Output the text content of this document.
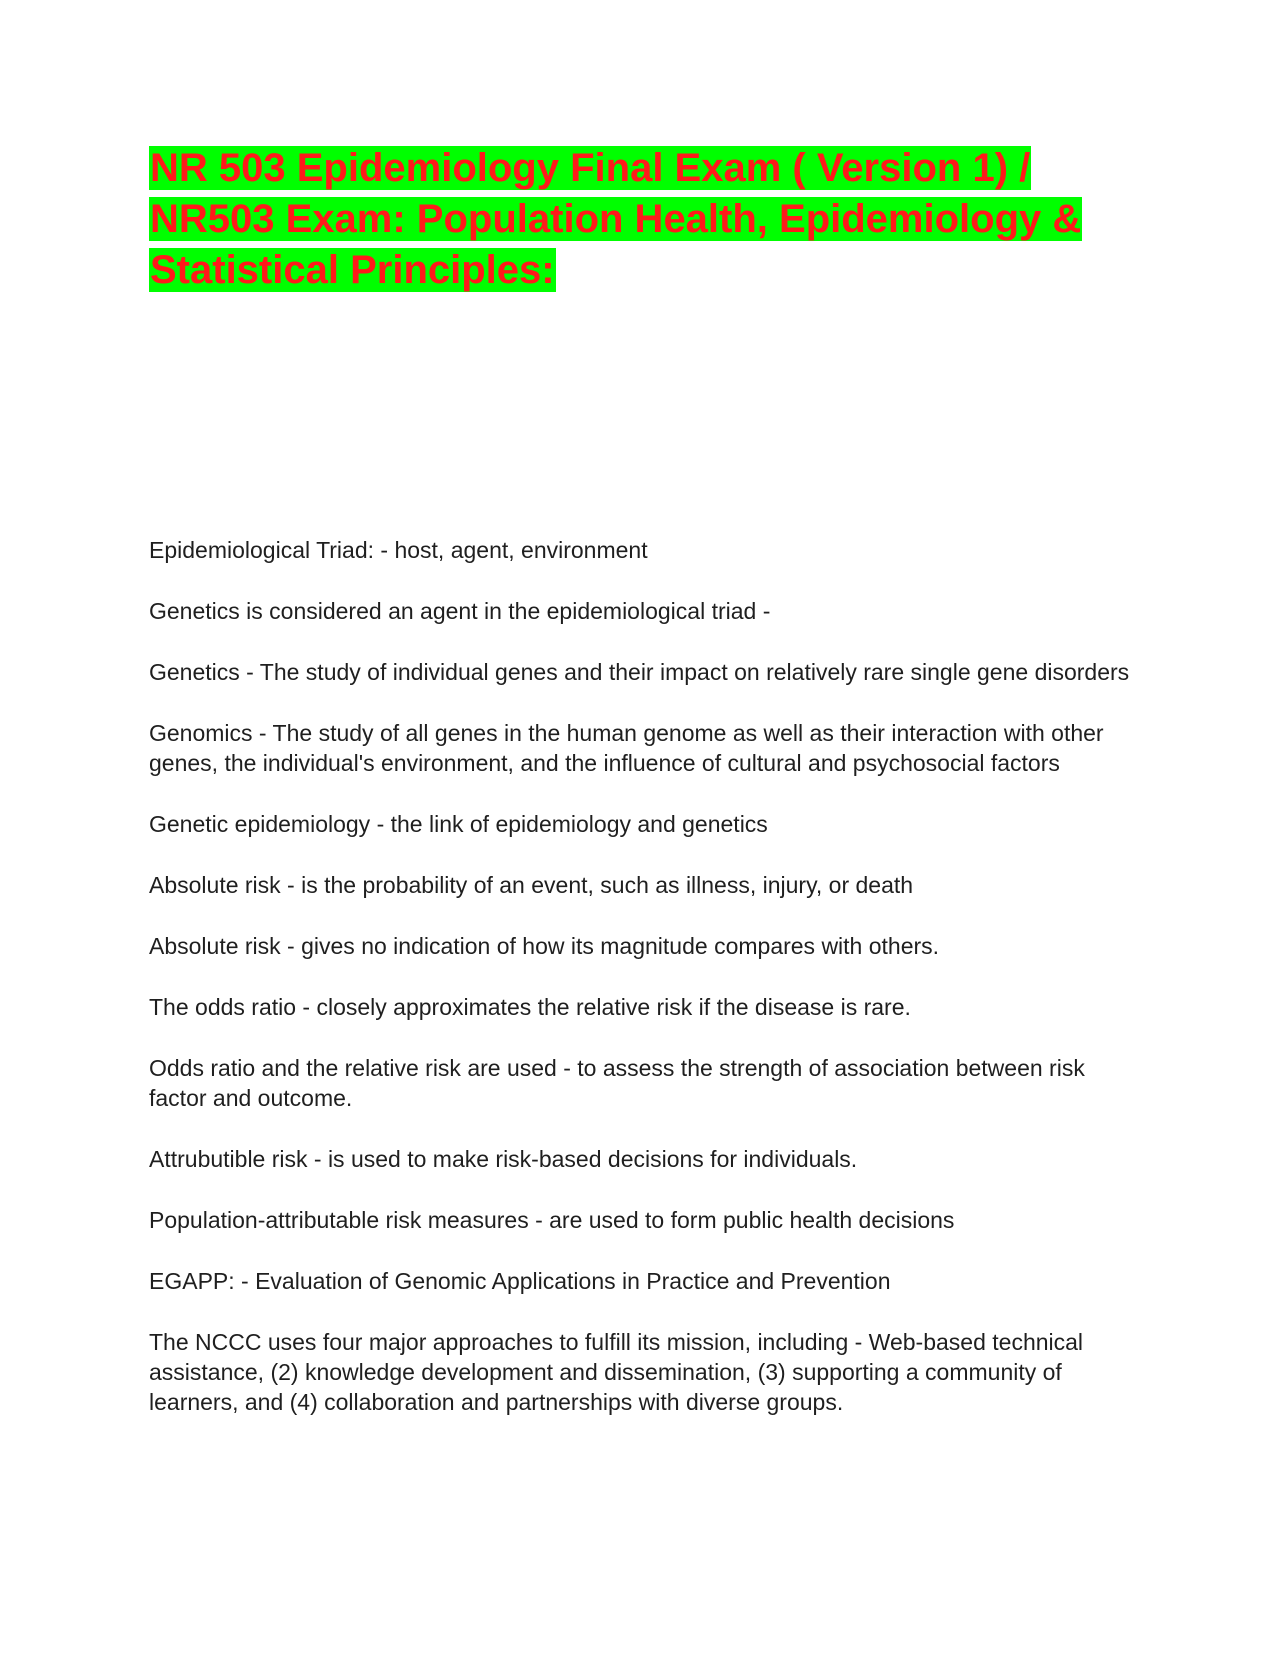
NR 503 Epidemiology Final Exam ( Version 1) / NR503 Exam: Population Health, Epidemiology & Statistical Principles:

Epidemiological Triad: - host, agent, environment

Genetics is considered an agent in the epidemiological triad -

Genetics - The study of individual genes and their impact on relatively rare single gene disorders

Genomics - The study of all genes in the human genome as well as their interaction with other genes, the individual's environment, and the influence of cultural and psychosocial factors

Genetic epidemiology - the link of epidemiology and genetics

Absolute risk - is the probability of an event, such as illness, injury, or death

Absolute risk - gives no indication of how its magnitude compares with others.

The odds ratio - closely approximates the relative risk if the disease is rare.

Odds ratio and the relative risk are used - to assess the strength of association between risk factor and outcome.

Attrubutible risk - is used to make risk-based decisions for individuals.

Population-attributable risk measures - are used to form public health decisions

EGAPP: - Evaluation of Genomic Applications in Practice and Prevention

The NCCC uses four major approaches to fulfill its mission, including - Web-based technical assistance, (2) knowledge development and dissemination, (3) supporting a community of learners, and (4) collaboration and partnerships with diverse groups.
